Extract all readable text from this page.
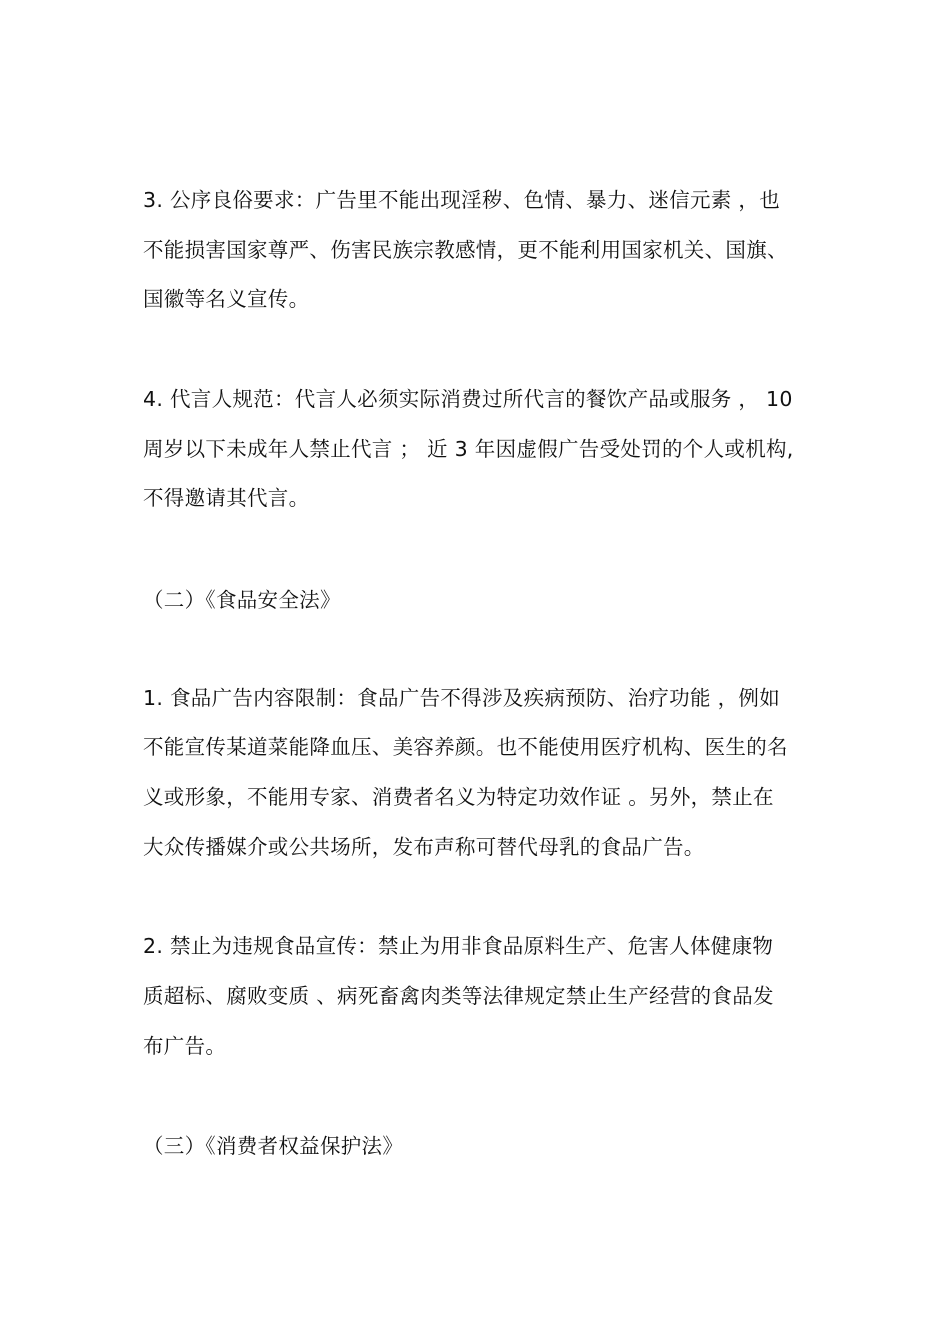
3. 公序良俗要求：广告里不能出现淫秽、色情、暴力、迷信元素 ，也
不能损害国家尊严、伤害民族宗教感情，更不能利用国家机关、国旗、
国徽等名义宣传。
4. 代言人规范：代言人必须实际消费过所代言的餐饮产品或服务 ， 10
周岁以下未成年人禁止代言 ； 近 3 年因虚假广告受处罚的个人或机构,
不得邀请其代言。
（二）《食品安全法》
1. 食品广告内容限制：食品广告不得涉及疾病预防、治疗功能 ，例如
不能宣传某道菜能降血压、美容养颜。也不能使用医疗机构、医生的名
义或形象，不能用专家、消费者名义为特定功效作证 。另外，禁止在
大众传播媒介或公共场所，发布声称可替代母乳的食品广告。
2. 禁止为违规食品宣传：禁止为用非食品原料生产、危害人体健康物
质超标、腐败变质 、病死畜禽肉类等法律规定禁止生产经营的食品发
布广告。
（三）《消费者权益保护法》
